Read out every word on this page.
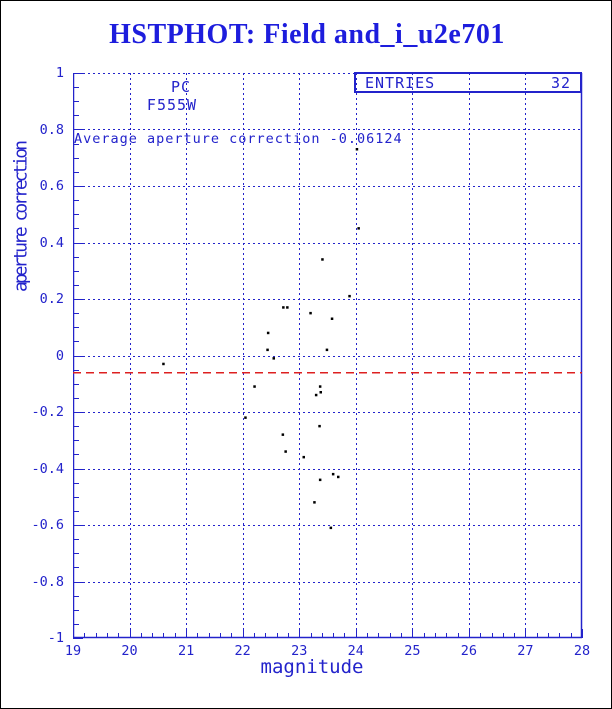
HSTPHOT: Field and_i_u2e701
aperture correction
PC
F555W
Average aperture correction -0.06124
ENTRIES	32
magnitude
19	20	21	22	23	24	25	26	27	28
-1
-0.8
-0.6
-0.4
-0.2
0
0.2
0.4
0.6
0.8
1
